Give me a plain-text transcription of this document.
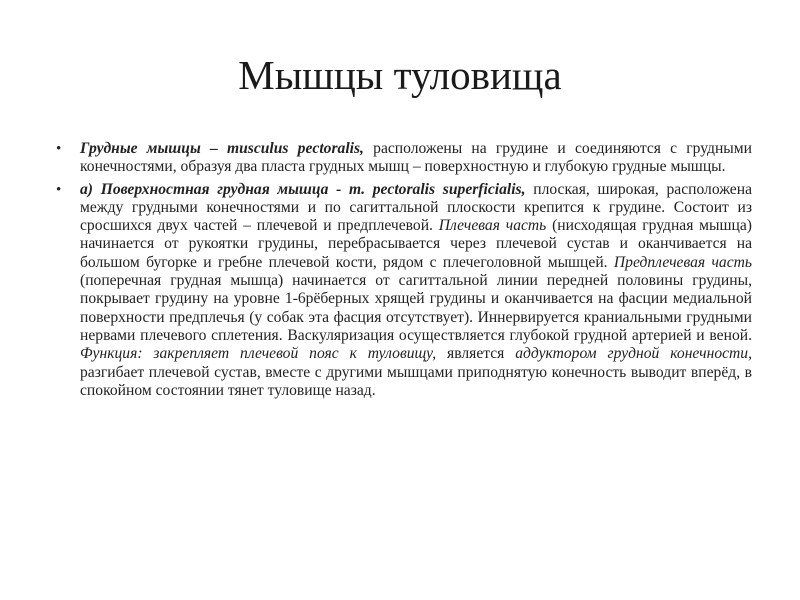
Мышцы туловища
• Грудные мышцы – musculus pectoralis, расположены на грудине и соединяются с грудными конечностями, образуя два пласта грудных мышц – поверхностную и глубокую грудные мышцы.
• а) Поверхностная грудная мышца - m. pectoralis superficialis, плоская, широкая, расположена между грудными конечностями и по сагиттальной плоскости крепится к грудине. Состоит из сросшихся двух частей – плечевой и предплечевой. Плечевая часть (нисходящая грудная мышца) начинается от рукоятки грудины, перебрасывается через плечевой сустав и оканчивается на большом бугорке и гребне плечевой кости, рядом с плечеголовной мышцей. Предплечевая часть (поперечная грудная мышца) начинается от сагиттальной линии передней половины грудины, покрывает грудину на уровне 1-6рёберных хрящей грудины и оканчивается на фасции медиальной поверхности предплечья (у собак эта фасция отсутствует). Иннервируется краниальными грудными нервами плечевого сплетения. Васкуляризация осуществляется глубокой грудной артерией и веной. Функция: закрепляет плечевой пояс к туловищу, является аддуктором грудной конечности, разгибает плечевой сустав, вместе с другими мышцами приподнятую конечность выводит вперёд, в спокойном состоянии тянет туловище назад.
